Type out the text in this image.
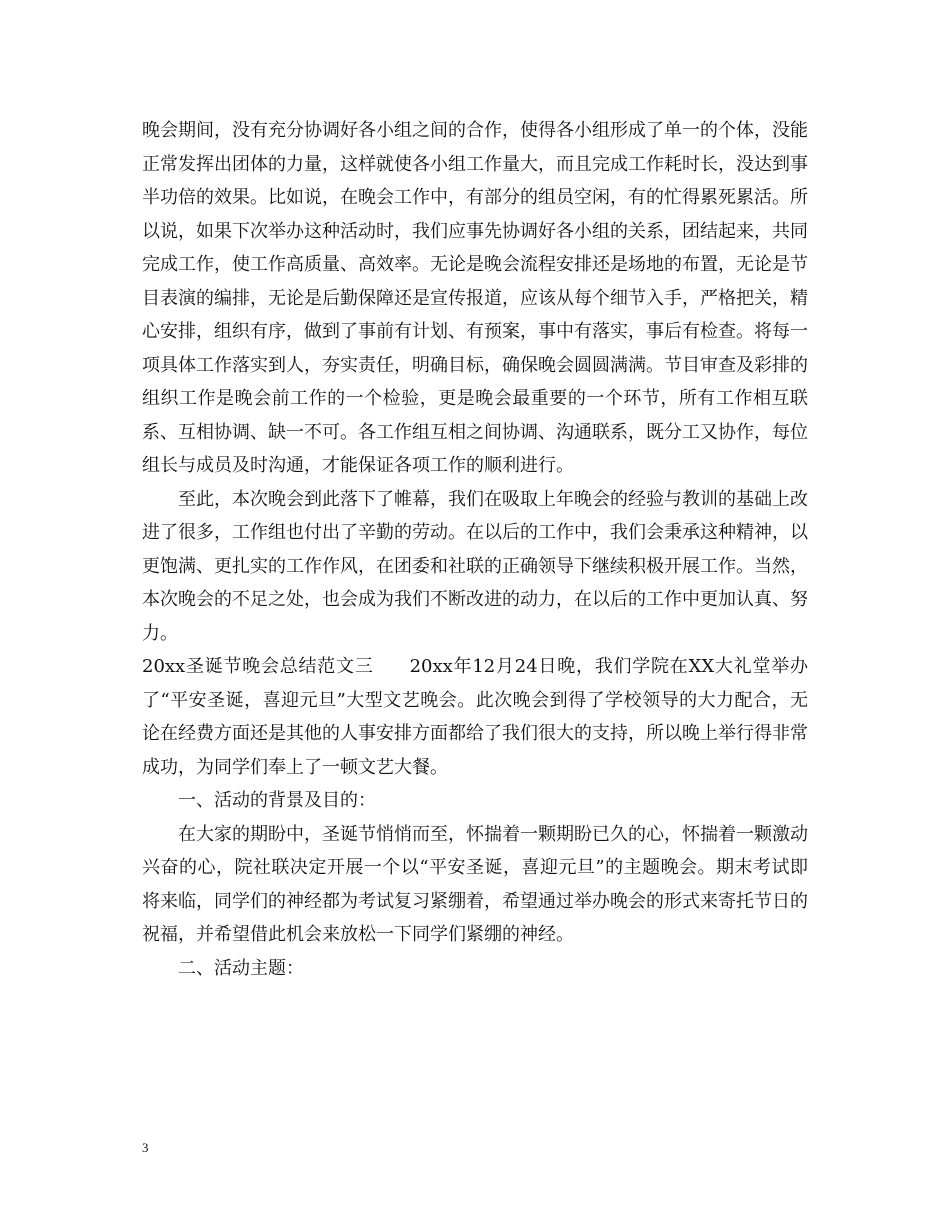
晚会期间，没有充分协调好各小组之间的合作，使得各小组形成了单一的个体，没能正常发挥出团体的力量，这样就使各小组工作量大，而且完成工作耗时长，没达到事半功倍的效果。比如说，在晚会工作中，有部分的组员空闲，有的忙得累死累活。所以说，如果下次举办这种活动时，我们应事先协调好各小组的关系，团结起来，共同完成工作，使工作高质量、高效率。无论是晚会流程安排还是场地的布置，无论是节目表演的编排，无论是后勤保障还是宣传报道，应该从每个细节入手，严格把关，精心安排，组织有序，做到了事前有计划、有预案，事中有落实，事后有检查。将每一项具体工作落实到人，夯实责任，明确目标，确保晚会圆圆满满。节目审查及彩排的组织工作是晚会前工作的一个检验，更是晚会最重要的一个环节，所有工作相互联系、互相协调、缺一不可。各工作组互相之间协调、沟通联系，既分工又协作，每位组长与成员及时沟通，才能保证各项工作的顺利进行。

至此，本次晚会到此落下了帷幕，我们在吸取上年晚会的经验与教训的基础上改进了很多，工作组也付出了辛勤的劳动。在以后的工作中，我们会秉承这种精神，以更饱满、更扎实的工作作风，在团委和社联的正确领导下继续积极开展工作。当然，本次晚会的不足之处，也会成为我们不断改进的动力，在以后的工作中更加认真、努力。

20xx圣诞节晚会总结范文三 20xx年12月24日晚，我们学院在XX大礼堂举办了“平安圣诞，喜迎元旦”大型文艺晚会。此次晚会到得了学校领导的大力配合，无论在经费方面还是其他的人事安排方面都给了我们很大的支持，所以晚上举行得非常成功，为同学们奉上了一顿文艺大餐。

一、活动的背景及目的：

在大家的期盼中，圣诞节悄悄而至，怀揣着一颗期盼已久的心，怀揣着一颗激动兴奋的心，院社联决定开展一个以“平安圣诞，喜迎元旦”的主题晚会。期末考试即将来临，同学们的神经都为考试复习紧绷着，希望通过举办晚会的形式来寄托节日的祝福，并希望借此机会来放松一下同学们紧绷的神经。

二、活动主题：

3
